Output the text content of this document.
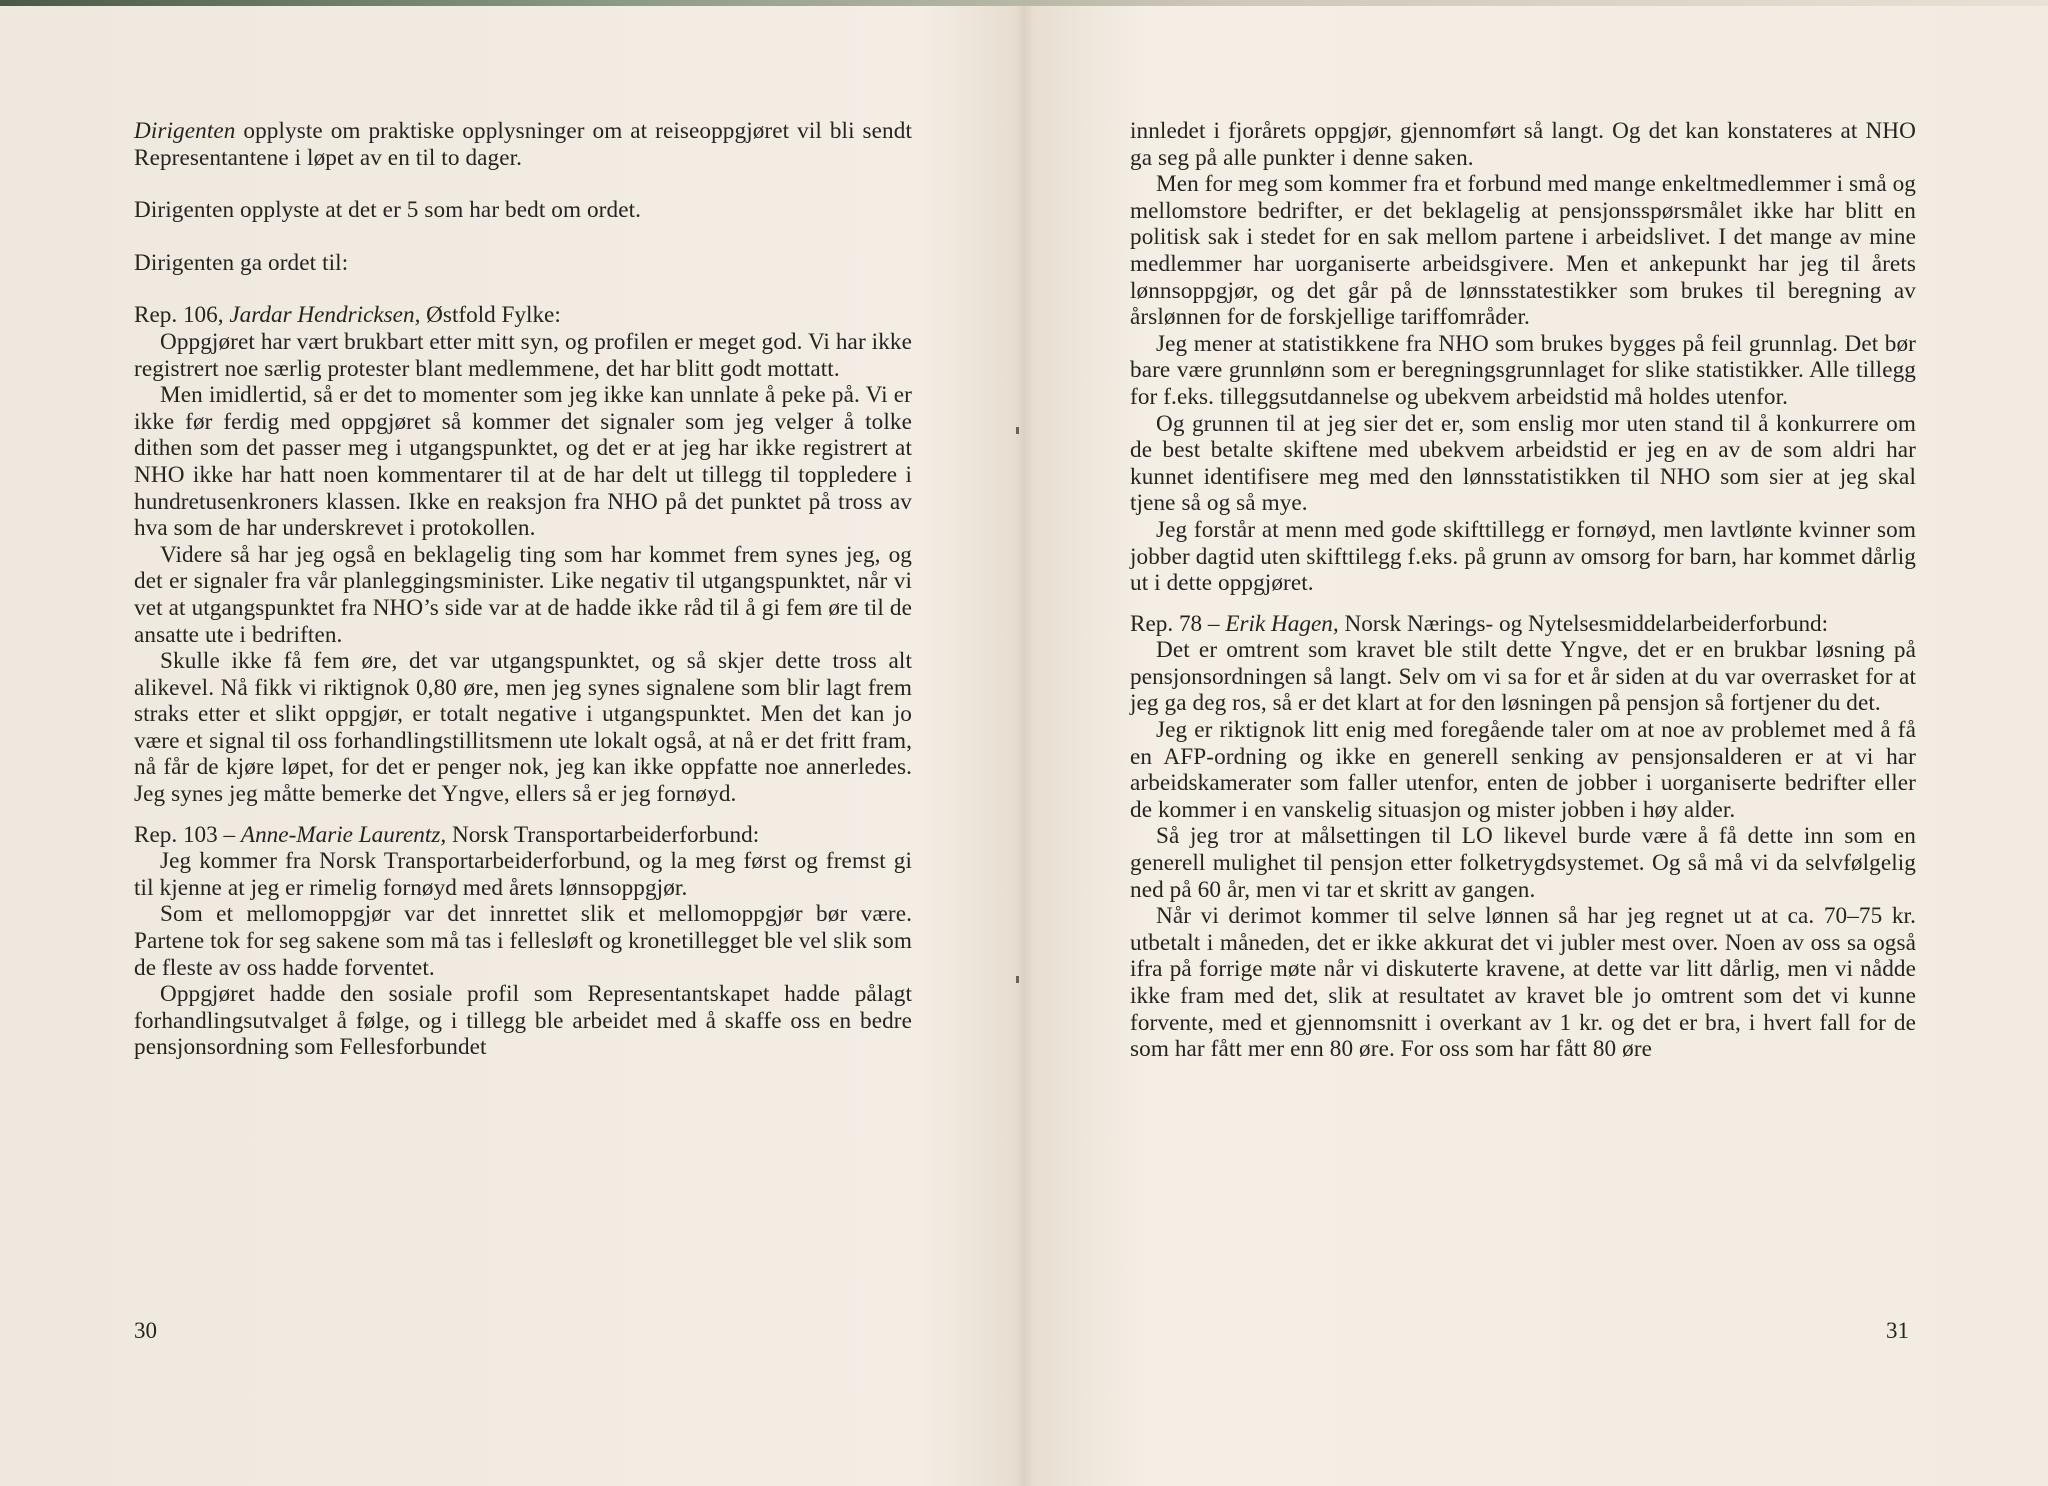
Dirigenten opplyste om praktiske opplysninger om at reiseoppgjøret vil bli sendt Representantene i løpet av en til to dager.

Dirigenten opplyste at det er 5 som har bedt om ordet.

Dirigenten ga ordet til:

Rep. 106, Jardar Hendricksen, Østfold Fylke:

Oppgjøret har vært brukbart etter mitt syn, og profilen er meget god. Vi har ikke registrert noe særlig protester blant medlemmene, det har blitt godt mottatt.

Men imidlertid, så er det to momenter som jeg ikke kan unnlate å peke på. Vi er ikke før ferdig med oppgjøret så kommer det signaler som jeg velger å tolke dithen som det passer meg i utgangspunktet, og det er at jeg har ikke registrert at NHO ikke har hatt noen kommentarer til at de har delt ut tillegg til toppledere i hundretusenkroners klassen. Ikke en reaksjon fra NHO på det punktet på tross av hva som de har underskrevet i protokollen.

Videre så har jeg også en beklagelig ting som har kommet frem synes jeg, og det er signaler fra vår planleggingsminister. Like negativ til utgangspunktet, når vi vet at utgangspunktet fra NHO’s side var at de hadde ikke råd til å gi fem øre til de ansatte ute i bedriften.

Skulle ikke få fem øre, det var utgangspunktet, og så skjer dette tross alt alikevel. Nå fikk vi riktignok 0,80 øre, men jeg synes signalene som blir lagt frem straks etter et slikt oppgjør, er totalt negative i utgangspunktet. Men det kan jo være et signal til oss forhandlingstillitsmenn ute lokalt også, at nå er det fritt fram, nå får de kjøre løpet, for det er penger nok, jeg kan ikke oppfatte noe annerledes. Jeg synes jeg måtte bemerke det Yngve, ellers så er jeg fornøyd.

Rep. 103 – Anne-Marie Laurentz, Norsk Transportarbeiderforbund:

Jeg kommer fra Norsk Transportarbeiderforbund, og la meg først og fremst gi til kjenne at jeg er rimelig fornøyd med årets lønnsoppgjør.

Som et mellomoppgjør var det innrettet slik et mellomoppgjør bør være. Partene tok for seg sakene som må tas i fellesløft og kronetillegget ble vel slik som de fleste av oss hadde forventet.

Oppgjøret hadde den sosiale profil som Representantskapet hadde pålagt forhandlingsutvalget å følge, og i tillegg ble arbeidet med å skaffe oss en bedre pensjonsordning som Fellesforbundet

innledet i fjorårets oppgjør, gjennomført så langt. Og det kan konstateres at NHO ga seg på alle punkter i denne saken.

Men for meg som kommer fra et forbund med mange enkeltmedlemmer i små og mellomstore bedrifter, er det beklagelig at pensjonsspørsmålet ikke har blitt en politisk sak i stedet for en sak mellom partene i arbeidslivet. I det mange av mine medlemmer har uorganiserte arbeidsgivere. Men et ankepunkt har jeg til årets lønnsoppgjør, og det går på de lønnsstatestikker som brukes til beregning av årslønnen for de forskjellige tariffområder.

Jeg mener at statistikkene fra NHO som brukes bygges på feil grunnlag. Det bør bare være grunnlønn som er beregningsgrunnlaget for slike statistikker. Alle tillegg for f.eks. tilleggsutdannelse og ubekvem arbeidstid må holdes utenfor.

Og grunnen til at jeg sier det er, som enslig mor uten stand til å konkurrere om de best betalte skiftene med ubekvem arbeidstid er jeg en av de som aldri har kunnet identifisere meg med den lønnsstatistikken til NHO som sier at jeg skal tjene så og så mye.

Jeg forstår at menn med gode skifttillegg er fornøyd, men lavtlønte kvinner som jobber dagtid uten skifttilegg f.eks. på grunn av omsorg for barn, har kommet dårlig ut i dette oppgjøret.

Rep. 78 – Erik Hagen, Norsk Nærings- og Nytelsesmiddelarbeiderforbund:

Det er omtrent som kravet ble stilt dette Yngve, det er en brukbar løsning på pensjonsordningen så langt. Selv om vi sa for et år siden at du var overrasket for at jeg ga deg ros, så er det klart at for den løsningen på pensjon så fortjener du det.

Jeg er riktignok litt enig med foregående taler om at noe av problemet med å få en AFP-ordning og ikke en generell senking av pensjonsalderen er at vi har arbeidskamerater som faller utenfor, enten de jobber i uorganiserte bedrifter eller de kommer i en vanskelig situasjon og mister jobben i høy alder.

Så jeg tror at målsettingen til LO likevel burde være å få dette inn som en generell mulighet til pensjon etter folketrygdsystemet. Og så må vi da selvfølgelig ned på 60 år, men vi tar et skritt av gangen.

Når vi derimot kommer til selve lønnen så har jeg regnet ut at ca. 70–75 kr. utbetalt i måneden, det er ikke akkurat det vi jubler mest over. Noen av oss sa også ifra på forrige møte når vi diskuterte kravene, at dette var litt dårlig, men vi nådde ikke fram med det, slik at resultatet av kravet ble jo omtrent som det vi kunne forvente, med et gjennomsnitt i overkant av 1 kr. og det er bra, i hvert fall for de som har fått mer enn 80 øre. For oss som har fått 80 øre

30	31
